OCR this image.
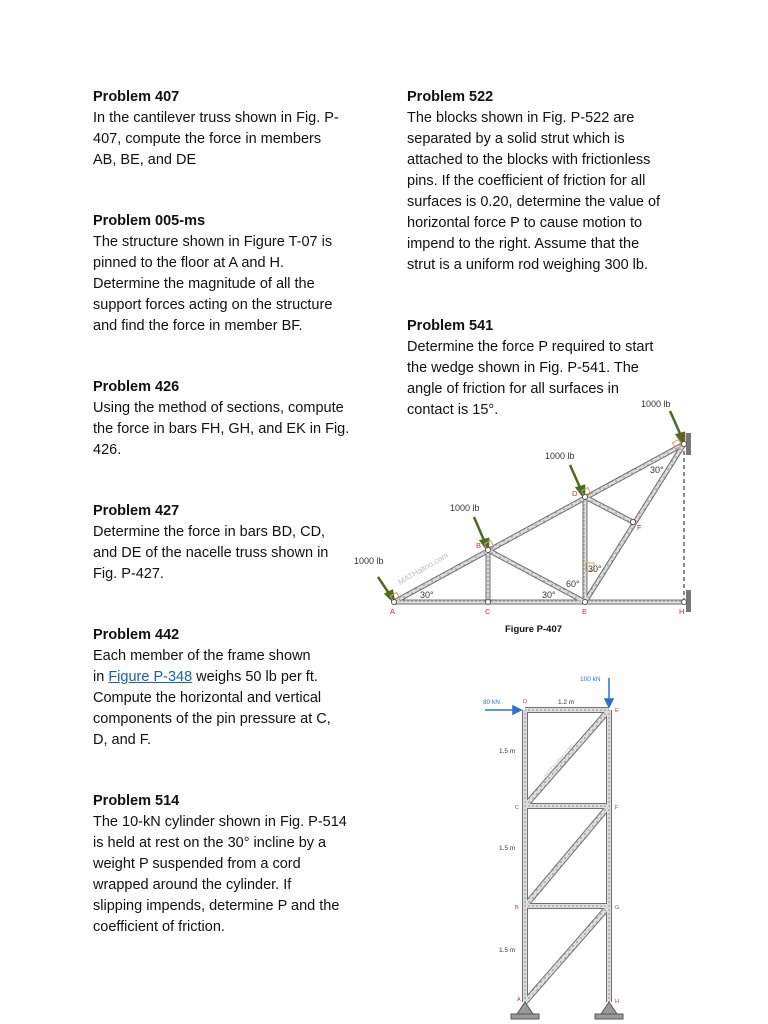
Problem 407
In the cantilever truss shown in Fig. P-
407, compute the force in members
AB, BE, and DE
Problem 005-ms
The structure shown in Figure T-07 is
pinned to the floor at A and H.
Determine the magnitude of all the
support forces acting on the structure
and find the force in member BF.
Problem 426
Using the method of sections, compute
the force in bars FH, GH, and EK in Fig.
426.
Problem 427
Determine the force in bars BD, CD,
and DE of the nacelle truss shown in
Fig. P-427.
Problem 442
Each member of the frame shown
in Figure P-348 weighs 50 lb per ft.
Compute the horizontal and vertical
components of the pin pressure at C,
D, and F.
Problem 514
The 10-kN cylinder shown in Fig. P-514
is held at rest on the 30° incline by a
weight P suspended from a cord
wrapped around the cylinder. If
slipping impends, determine P and the
coefficient of friction.
Problem 522
The blocks shown in Fig. P-522 are
separated by a solid strut which is
attached to the blocks with frictionless
pins. If the coefficient of friction for all
surfaces is 0.20, determine the value of
horizontal force P to cause motion to
impend to the right. Assume that the
strut is a uniform rod weighing 300 lb.
Problem 541
Determine the force P required to start
the wedge shown in Fig. P-541. The
angle of friction for all surfaces in
contact is 15°.
1000 lb
1000 lb
1000 lb
1000 lb
A
B
C
D
E
F
G
H
30°	30°
60°
30°
30°
Figure P-407
MATHalino.com
100 kN
80 kN	1.2 m
1.5 m
1.5 m
1.5 m
A
B
C
D
E
F
G
H
MATHalino.com
